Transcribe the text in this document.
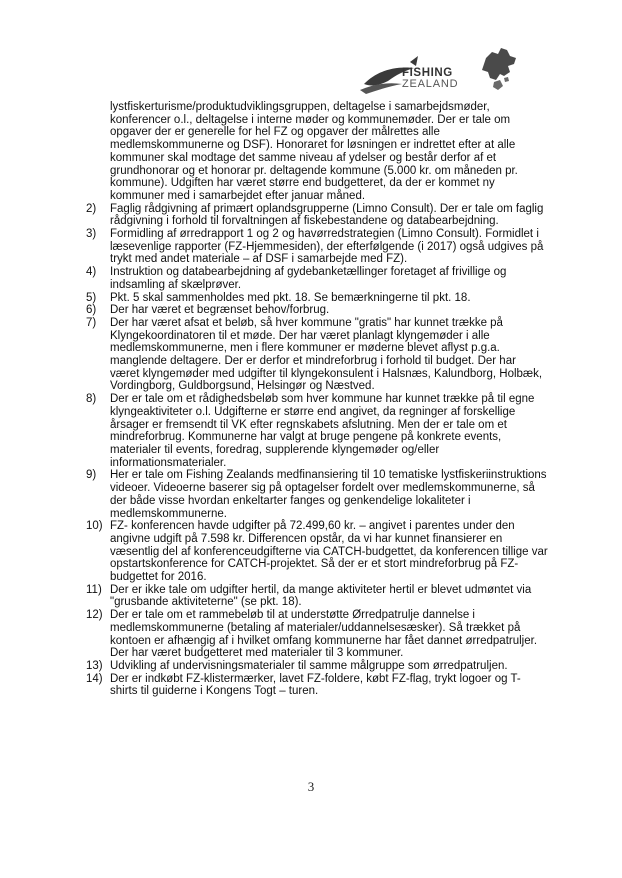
FISHING
ZEALAND

lystfiskerturisme/produktudviklingsgruppen, deltagelse i samarbejdsmøder, konferencer o.l., deltagelse i interne møder og kommunemøder. Der er tale om opgaver der er generelle for hel FZ og opgaver der målrettes alle medlemskommunerne og DSF). Honoraret for løsningen er indrettet efter at alle kommuner skal modtage det samme niveau af ydelser og består derfor af et grundhonorar og et honorar pr. deltagende kommune (5.000 kr. om måneden pr. kommune). Udgiften har været større end budgetteret, da der er kommet ny kommuner med i samarbejdet efter januar måned.

2)	Faglig rådgivning af primært oplandsgrupperne (Limno Consult). Der er tale om faglig rådgivning i forhold til forvaltningen af fiskebestandene og databearbejdning.
3)	Formidling af ørredrapport 1 og 2 og havørredstrategien (Limno Consult). Formidlet i læsevenlige rapporter (FZ-Hjemmesiden), der efterfølgende (i 2017) også udgives på trykt med andet materiale – af DSF i samarbejde med FZ).
4)	Instruktion og databearbejdning af gydebanketællinger foretaget af frivillige og indsamling af skælprøver.
5)	Pkt. 5 skal sammenholdes med pkt. 18. Se bemærkningerne til pkt. 18.
6)	Der har været et begrænset behov/forbrug.
7)	Der har været afsat et beløb, så hver kommune "gratis" har kunnet trække på Klyngekoordinatoren til et møde. Der har været planlagt klyngemøder i alle medlemskommunerne, men i flere kommuner er møderne blevet aflyst p.g.a. manglende deltagere. Der er derfor et mindreforbrug i forhold til budget. Der har været klyngemøder med udgifter til klyngekonsulent i Halsnæs, Kalundborg, Holbæk, Vordingborg, Guldborgsund, Helsingør og Næstved.
8)	Der er tale om et rådighedsbeløb som hver kommune har kunnet trække på til egne klyngeaktiviteter o.l. Udgifterne er større end angivet, da regninger af forskellige årsager er fremsendt til VK efter regnskabets afslutning. Men der er tale om et mindreforbrug. Kommunerne har valgt at bruge pengene på konkrete events, materialer til events, foredrag, supplerende klyngemøder og/eller informationsmaterialer.
9)	Her er tale om Fishing Zealands medfinansiering til 10 tematiske lystfiskeriinstruktions videoer. Videoerne baserer sig på optagelser fordelt over medlemskommunerne, så der både visse hvordan enkeltarter fanges og genkendelige lokaliteter i medlemskommunerne.
10) FZ- konferencen havde udgifter på 72.499,60 kr. – angivet i parentes under den angivne udgift på 7.598 kr. Differencen opstår, da vi har kunnet finansierer en væsentlig del af konferenceudgifterne via CATCH-budgettet, da konferencen tillige var opstartskonference for CATCH-projektet. Så der er et stort mindreforbrug på FZ-budgettet for 2016.
11) Der er ikke tale om udgifter hertil, da mange aktiviteter hertil er blevet udmøntet via "grusbande aktiviteterne" (se pkt. 18).
12) Der er tale om et rammebeløb til at understøtte Ørredpatrulje dannelse i medlemskommunerne (betaling af materialer/uddannelsesæsker). Så trækket på kontoen er afhængig af i hvilket omfang kommunerne har fået dannet ørredpatruljer. Der har været budgetteret med materialer til 3 kommuner.
13) Udvikling af undervisningsmaterialer til samme målgruppe som ørredpatruljen.
14) Der er indkøbt FZ-klistermærker, lavet FZ-foldere, købt FZ-flag, trykt logoer og T-shirts til guiderne i Kongens Togt – turen.
3
